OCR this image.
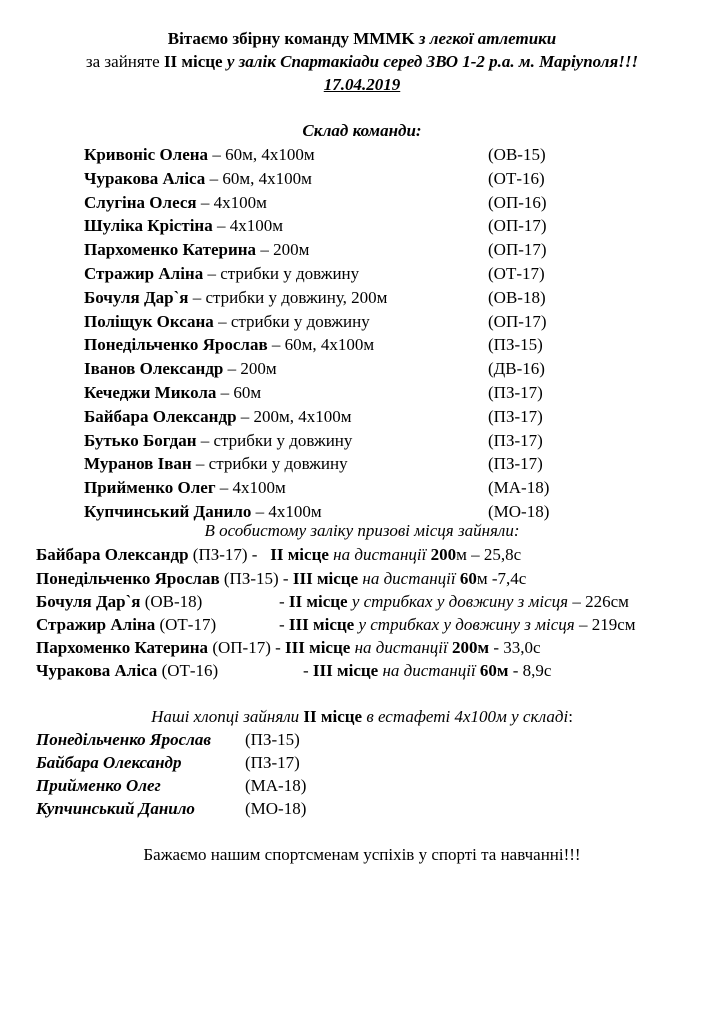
Вітаємо збірну команду ММMK з легкої атлетики
за зайняте II місце у залік Спартакіади серед ЗВО 1-2 р.а. м. Маріуполя!!!
17.04.2019
Склад команди:
Кривоніс Олена – 60м, 4х100м	(ОВ-15)
Чуракова Аліса – 60м, 4х100м	(ОТ-16)
Слугіна Олеся – 4х100м	(ОП-16)
Шуліка Крістіна – 4х100м	(ОП-17)
Пархоменко Катерина – 200м	(ОП-17)
Стражир Аліна – стрибки у довжину	(ОТ-17)
Бочуля Дар`я – стрибки у довжину, 200м	(ОВ-18)
Поліщук Оксана – стрибки у довжину	(ОП-17)
Понедільченко Ярослав – 60м, 4х100м	(ПЗ-15)
Іванов Олександр – 200м	(ДВ-16)
Кечеджи Микола – 60м	(ПЗ-17)
Байбара Олександр – 200м, 4х100м	(ПЗ-17)
Бутько Богдан – стрибки у довжину	(ПЗ-17)
Муранов Іван – стрибки у довжину	(ПЗ-17)
Прийменко Олег – 4х100м	(МА-18)
Купчинський Данило – 4х100м	(МО-18)
В особистому заліку призові місця зайняли:
Байбара Олександр (ПЗ-17) -   ІІ місце на дистанції 200м – 25,8с
Понедільченко Ярослав (ПЗ-15) - ІІІ місце на дистанції 60м -7,4с
Бочуля Дар`я (ОВ-18)	- ІІ місце у стрибках у довжину з місця – 226см
Стражир Аліна (ОТ-17)	- ІІІ місце у стрибках у довжину з місця – 219см
Пархоменко Катерина (ОП-17) - ІІІ місце на дистанції 200м - 33,0с
Чуракова Аліса (ОТ-16)	- ІІІ місце на дистанції 60м - 8,9с
Наші хлопці зайняли ІІ місце в естафеті 4х100м у складі:
Понедільченко Ярослав (ПЗ-15)
Байбара Олександр	(ПЗ-17)
Прийменко Олег	(МА-18)
Купчинський Данило	(МО-18)
Бажаємо нашим спортсменам успіхів у спорті та навчанні!!!
